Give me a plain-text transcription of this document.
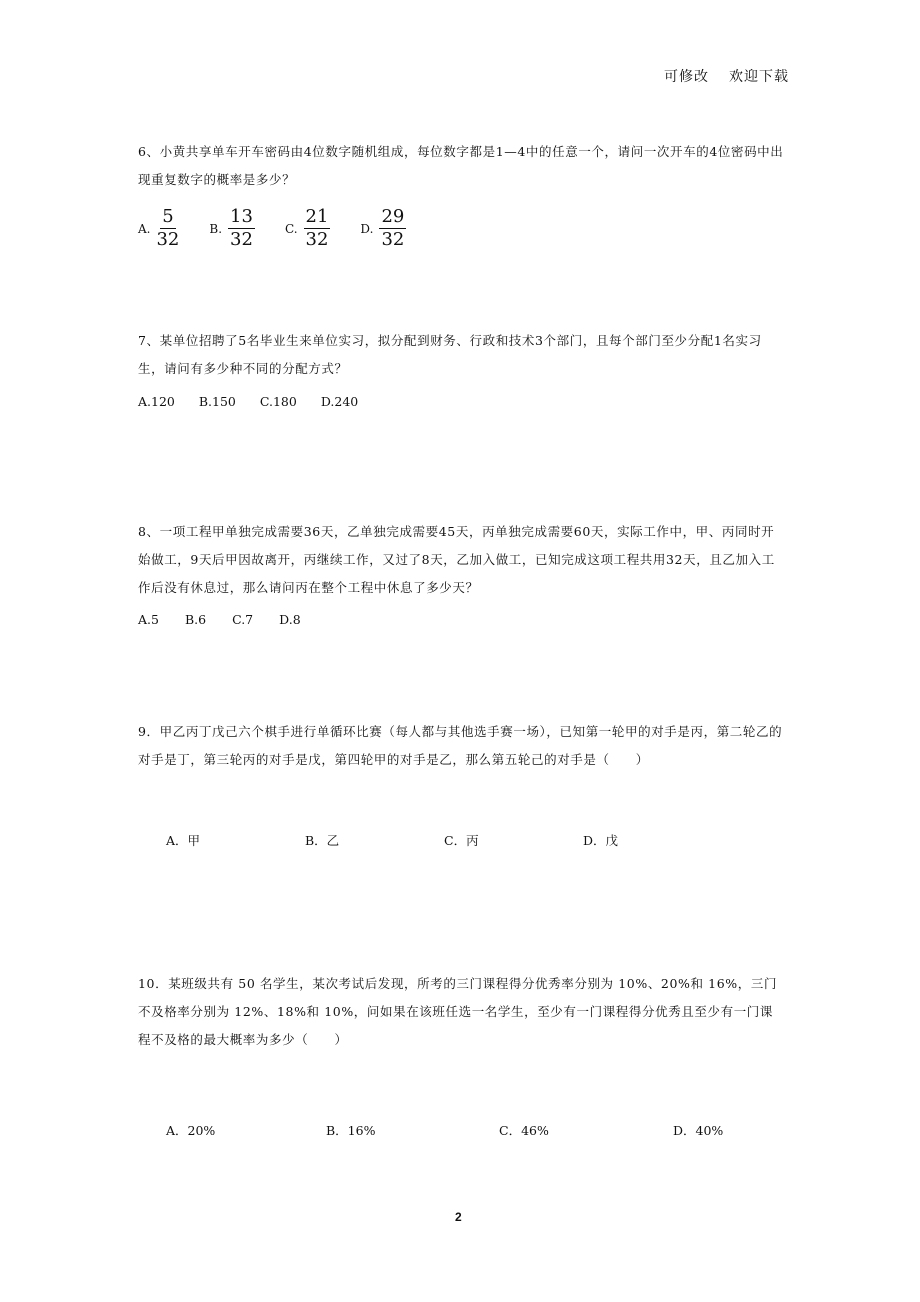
可修改 欢迎下载
6、小黄共享单车开车密码由4位数字随机组成，每位数字都是1—4中的任意一个，请问一次开车的4位密码中出现重复数字的概率是多少？
A. $\frac{5}{32}$	B. $\frac{13}{32}$	C. $\frac{21}{32}$	D. $\frac{29}{32}$
7、某单位招聘了5名毕业生来单位实习，拟分配到财务、行政和技术3个部门，且每个部门至少分配1名实习生，请问有多少种不同的分配方式？
A.120 B.150 C.180 D.240
8、一项工程甲单独完成需要36天，乙单独完成需要45天，丙单独完成需要60天，实际工作中，甲、丙同时开始做工，9天后甲因故离开，丙继续工作，又过了8天，乙加入做工，已知完成这项工程共用32天，且乙加入工作后没有休息过，那么请问丙在整个工程中休息了多少天？
A.5 B.6 C.7 D.8
9．甲乙丙丁戊己六个棋手进行单循环比赛（每人都与其他选手赛一场），已知第一轮甲的对手是丙，第二轮乙的对手是丁，第三轮丙的对手是戊，第四轮甲的对手是乙，那么第五轮己的对手是（　　）
A．甲	B．乙	C．丙	D．戊
10．某班级共有 50 名学生，某次考试后发现，所考的三门课程得分优秀率分别为 10%、20%和 16%，三门不及格率分别为 12%、18%和 10%，问如果在该班任选一名学生，至少有一门课程得分优秀且至少有一门课程不及格的最大概率为多少（　　）
A．20%	B．16%	C．46%	D．40%
2
